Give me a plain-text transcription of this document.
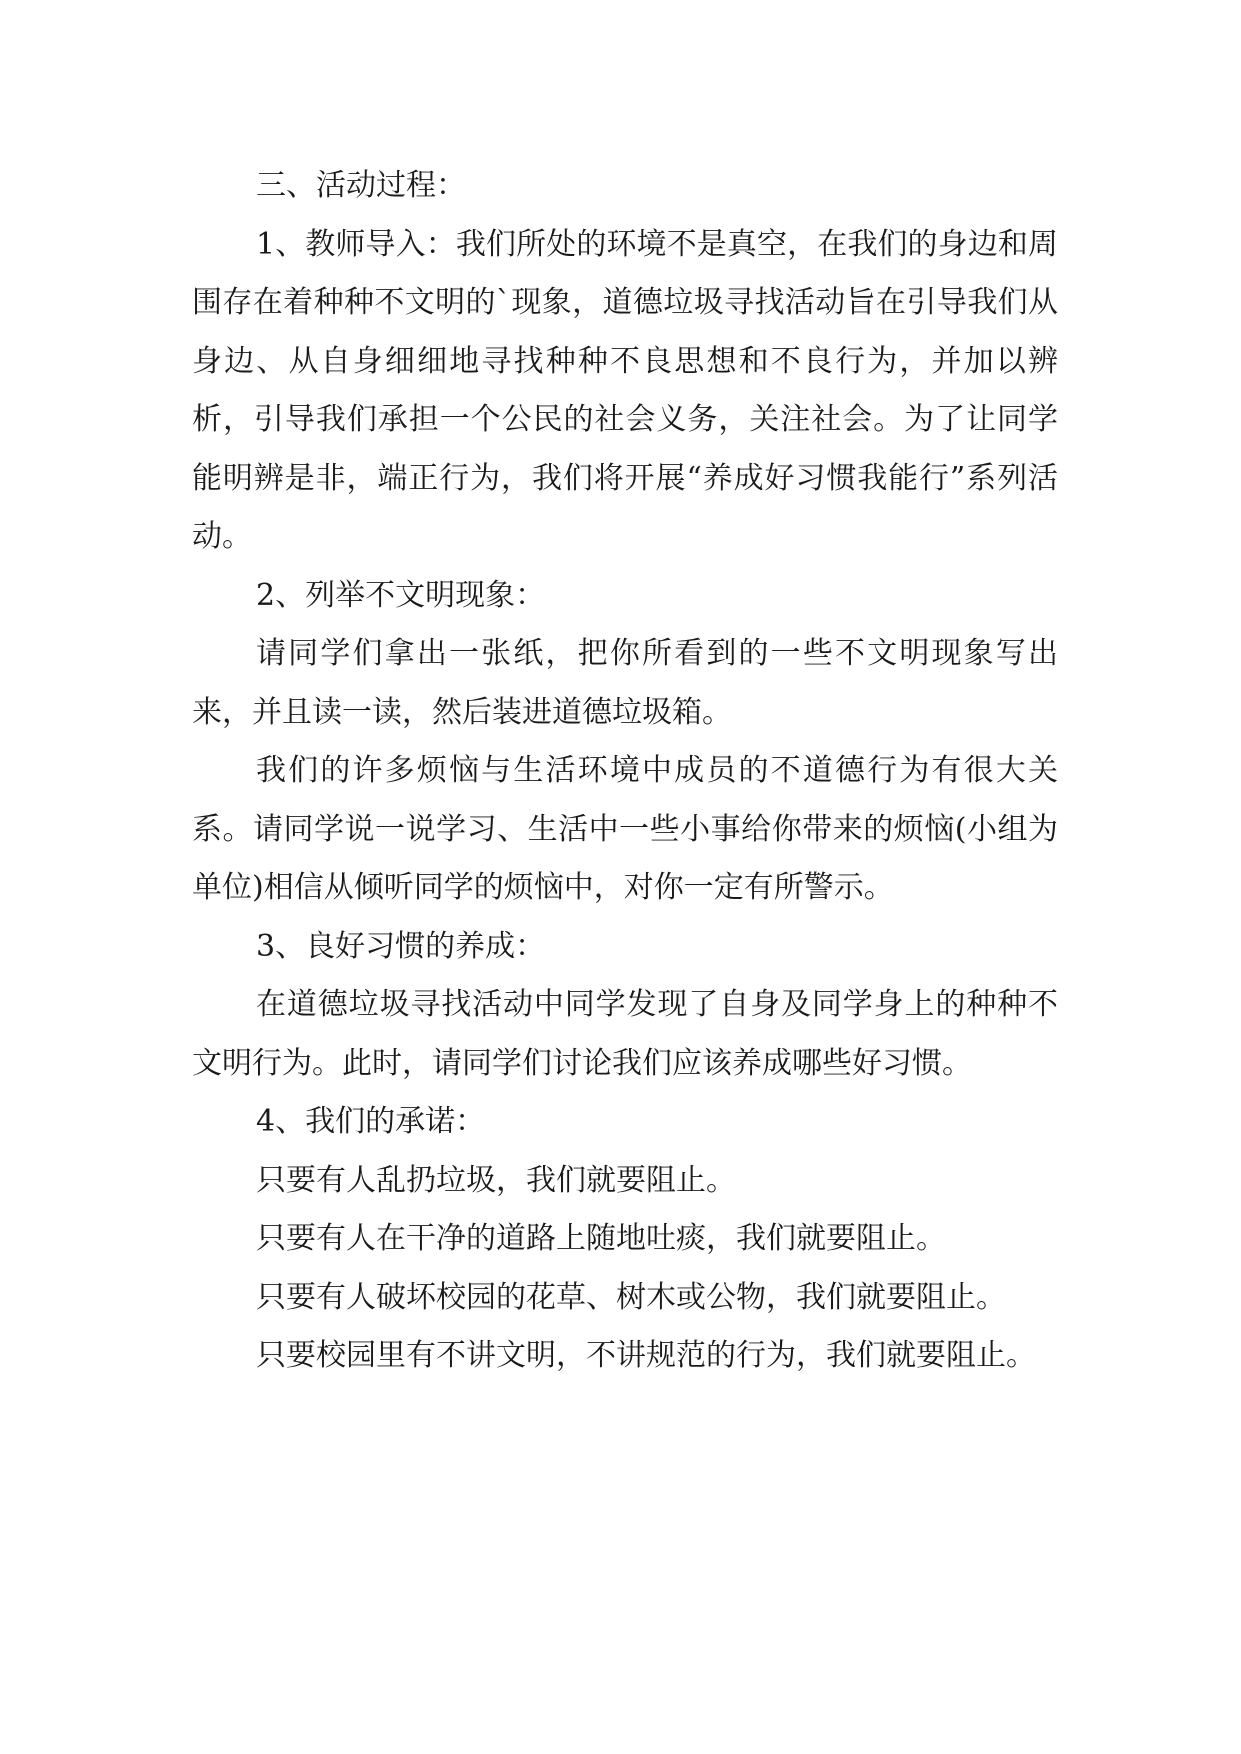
三、活动过程：

1、教师导入：我们所处的环境不是真空，在我们的身边和周围存在着种种不文明的`现象，道德垃圾寻找活动旨在引导我们从身边、从自身细细地寻找种种不良思想和不良行为，并加以辨析，引导我们承担一个公民的社会义务，关注社会。为了让同学能明辨是非，端正行为，我们将开展“养成好习惯我能行”系列活动。

2、列举不文明现象：

请同学们拿出一张纸，把你所看到的一些不文明现象写出来，并且读一读，然后装进道德垃圾箱。

我们的许多烦恼与生活环境中成员的不道德行为有很大关系。请同学说一说学习、生活中一些小事给你带来的烦恼(小组为单位)相信从倾听同学的烦恼中，对你一定有所警示。

3、良好习惯的养成：

在道德垃圾寻找活动中同学发现了自身及同学身上的种种不文明行为。此时，请同学们讨论我们应该养成哪些好习惯。

4、我们的承诺：

只要有人乱扔垃圾，我们就要阻止。

只要有人在干净的道路上随地吐痰，我们就要阻止。

只要有人破坏校园的花草、树木或公物，我们就要阻止。

只要校园里有不讲文明，不讲规范的行为，我们就要阻止。
